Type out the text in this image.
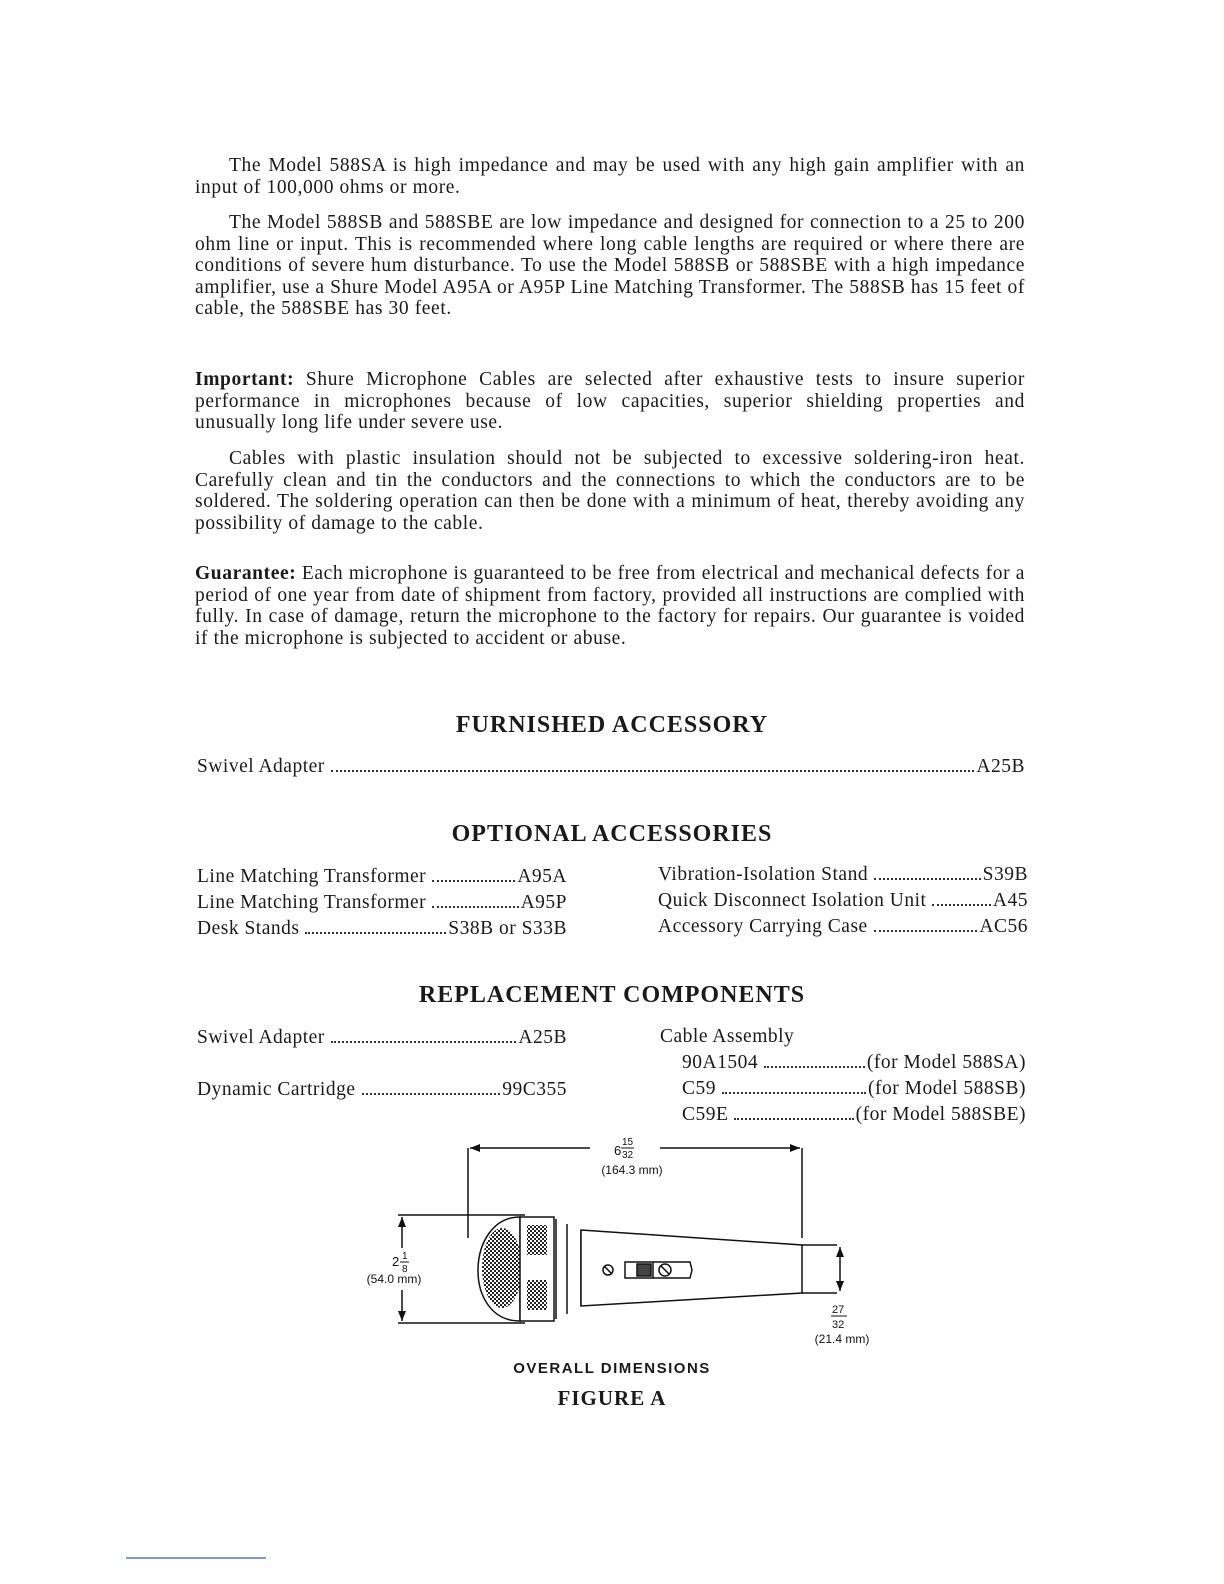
The Model 588SA is high impedance and may be used with any high gain amplifier with an input of 100,000 ohms or more.

The Model 588SB and 588SBE are low impedance and designed for connection to a 25 to 200 ohm line or input. This is recommended where long cable lengths are required or where there are conditions of severe hum disturbance. To use the Model 588SB or 588SBE with a high impedance amplifier, use a Shure Model A95A or A95P Line Matching Transformer. The 588SB has 15 feet of cable, the 588SBE has 30 feet.

Important: Shure Microphone Cables are selected after exhaustive tests to insure superior performance in microphones because of low capacities, superior shielding properties and unusually long life under severe use.

Cables with plastic insulation should not be subjected to excessive soldering-iron heat. Carefully clean and tin the conductors and the connections to which the conductors are to be soldered. The soldering operation can then be done with a minimum of heat, thereby avoiding any possibility of damage to the cable.

Guarantee: Each microphone is guaranteed to be free from electrical and mechanical defects for a period of one year from date of shipment from factory, provided all instructions are complied with fully. In case of damage, return the microphone to the factory for repairs. Our guarantee is voided if the microphone is subjected to accident or abuse.

FURNISHED ACCESSORY
Swivel Adapter	A25B
OPTIONAL ACCESSORIES
Line Matching Transformer	A95A
Line Matching Transformer	A95P
Desk Stands	S38B or S33B
Vibration-Isolation Stand	S39B
Quick Disconnect Isolation Unit	A45
Accessory Carrying Case	AC56
REPLACEMENT COMPONENTS
Swivel Adapter	A25B
Dynamic Cartridge	99C355
Cable Assembly
90A1504	( for Model 588SA )
C59	( for Model 588SB )
C59E	( for Model 588SBE )
6
15
32
(164.3 mm)
2 1
8
(54.0 mm)
27
32
(21.4 mm)

OVERALL DIMENSIONS

FIGURE A
